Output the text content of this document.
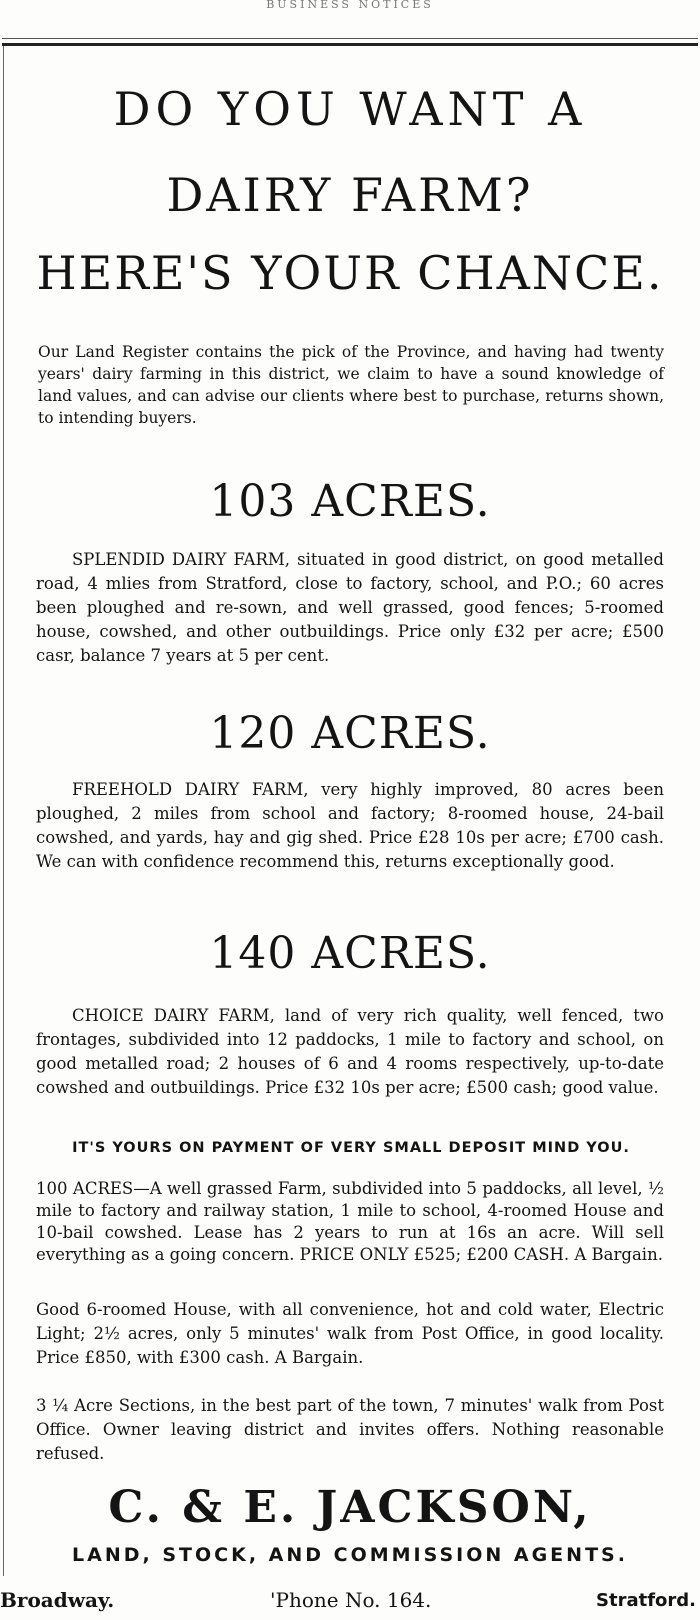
BUSINESS NOTICES
DO YOU WANT A
DAIRY FARM?
HERE'S YOUR CHANCE.
Our Land Register contains the pick of the Province, and having had twenty years' dairy farming in this district, we claim to have a sound knowledge of land values, and can advise our clients where best to purchase, returns shown, to intending buyers.
103 ACRES.
SPLENDID DAIRY FARM, situated in good district, on good metalled road, 4 mlies from Stratford, close to factory, school, and P.O.; 60 acres been ploughed and re-sown, and well grassed, good fences; 5-roomed house, cowshed, and other outbuildings. Price only £32 per acre; £500 casr, balance 7 years at 5 per cent.
120 ACRES.
FREEHOLD DAIRY FARM, very highly improved, 80 acres been ploughed, 2 miles from school and factory; 8-roomed house, 24-bail cowshed, and yards, hay and gig shed. Price £28 10s per acre; £700 cash. We can with confidence recommend this, returns exceptionally good.
140 ACRES.
CHOICE DAIRY FARM, land of very rich quality, well fenced, two frontages, subdivided into 12 paddocks, 1 mile to factory and school, on good metalled road; 2 houses of 6 and 4 rooms respectively, up-to-date cowshed and outbuildings. Price £32 10s per acre; £500 cash; good value.
IT'S YOURS ON PAYMENT OF VERY SMALL DEPOSIT MIND YOU.
100 ACRES—A well grassed Farm, subdivided into 5 paddocks, all level, ½ mile to factory and railway station, 1 mile to school, 4-roomed House and 10-bail cowshed. Lease has 2 years to run at 16s an acre. Will sell everything as a going concern. PRICE ONLY £525; £200 CASH. A Bargain.
Good 6-roomed House, with all convenience, hot and cold water, Electric Light; 2½ acres, only 5 minutes' walk from Post Office, in good locality. Price £850, with £300 cash. A Bargain.
3 ¼ Acre Sections, in the best part of the town, 7 minutes' walk from Post Office. Owner leaving district and invites offers. Nothing reasonable refused.
C. & E. JACKSON,
LAND, STOCK, AND COMMISSION AGENTS.
Broadway.	'Phone No. 164.	Stratford.
